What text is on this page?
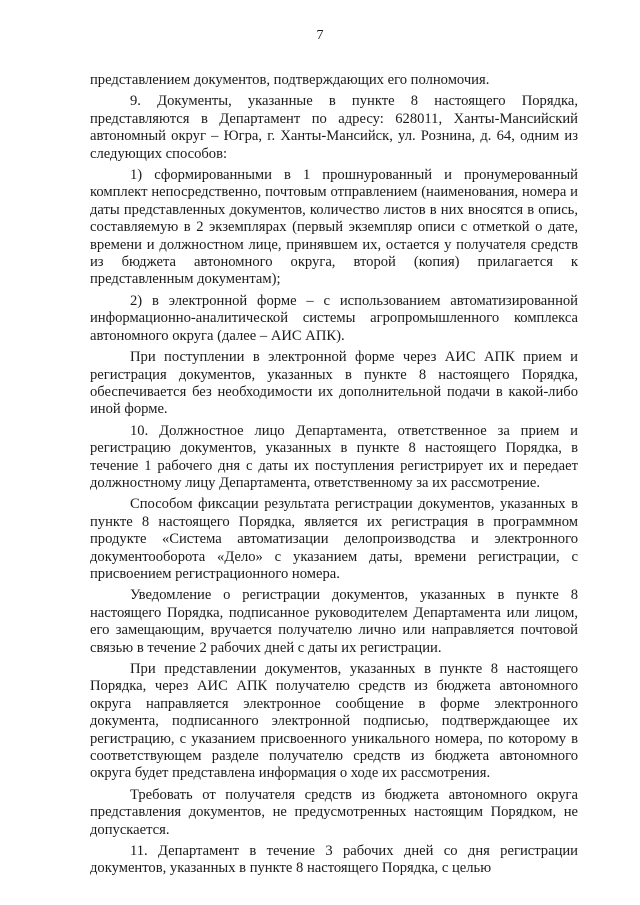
7

представлением документов, подтверждающих его полномочия.

9. Документы, указанные в пункте 8 настоящего Порядка, представляются в Департамент по адресу: 628011, Ханты-Мансийский автономный округ – Югра, г. Ханты-Мансийск, ул. Рознина, д. 64, одним из следующих способов:

1) сформированными в 1 прошнурованный и пронумерованный комплект непосредственно, почтовым отправлением (наименования, номера и даты представленных документов, количество листов в них вносятся в опись, составляемую в 2 экземплярах (первый экземпляр описи с отметкой о дате, времени и должностном лице, принявшем их, остается у получателя средств из бюджета автономного округа, второй (копия) прилагается к представленным документам);

2) в электронной форме – с использованием автоматизированной информационно-аналитической системы агропромышленного комплекса автономного округа (далее – АИС АПК).

При поступлении в электронной форме через АИС АПК прием и регистрация документов, указанных в пункте 8 настоящего Порядка, обеспечивается без необходимости их дополнительной подачи в какой-либо иной форме.

10. Должностное лицо Департамента, ответственное за прием и регистрацию документов, указанных в пункте 8 настоящего Порядка, в течение 1 рабочего дня с даты их поступления регистрирует их и передает должностному лицу Департамента, ответственному за их рассмотрение.

Способом фиксации результата регистрации документов, указанных в пункте 8 настоящего Порядка, является их регистрация в программном продукте «Система автоматизации делопроизводства и электронного документооборота «Дело» с указанием даты, времени регистрации, с присвоением регистрационного номера.

Уведомление о регистрации документов, указанных в пункте 8 настоящего Порядка, подписанное руководителем Департамента или лицом, его замещающим, вручается получателю лично или направляется почтовой связью в течение 2 рабочих дней с даты их регистрации.

При представлении документов, указанных в пункте 8 настоящего Порядка, через АИС АПК получателю средств из бюджета автономного округа направляется электронное сообщение в форме электронного документа, подписанного электронной подписью, подтверждающее их регистрацию, с указанием присвоенного уникального номера, по которому в соответствующем разделе получателю средств из бюджета автономного округа будет представлена информация о ходе их рассмотрения.

Требовать от получателя средств из бюджета автономного округа представления документов, не предусмотренных настоящим Порядком, не допускается.

11. Департамент в течение 3 рабочих дней со дня регистрации документов, указанных в пункте 8 настоящего Порядка, с целью
